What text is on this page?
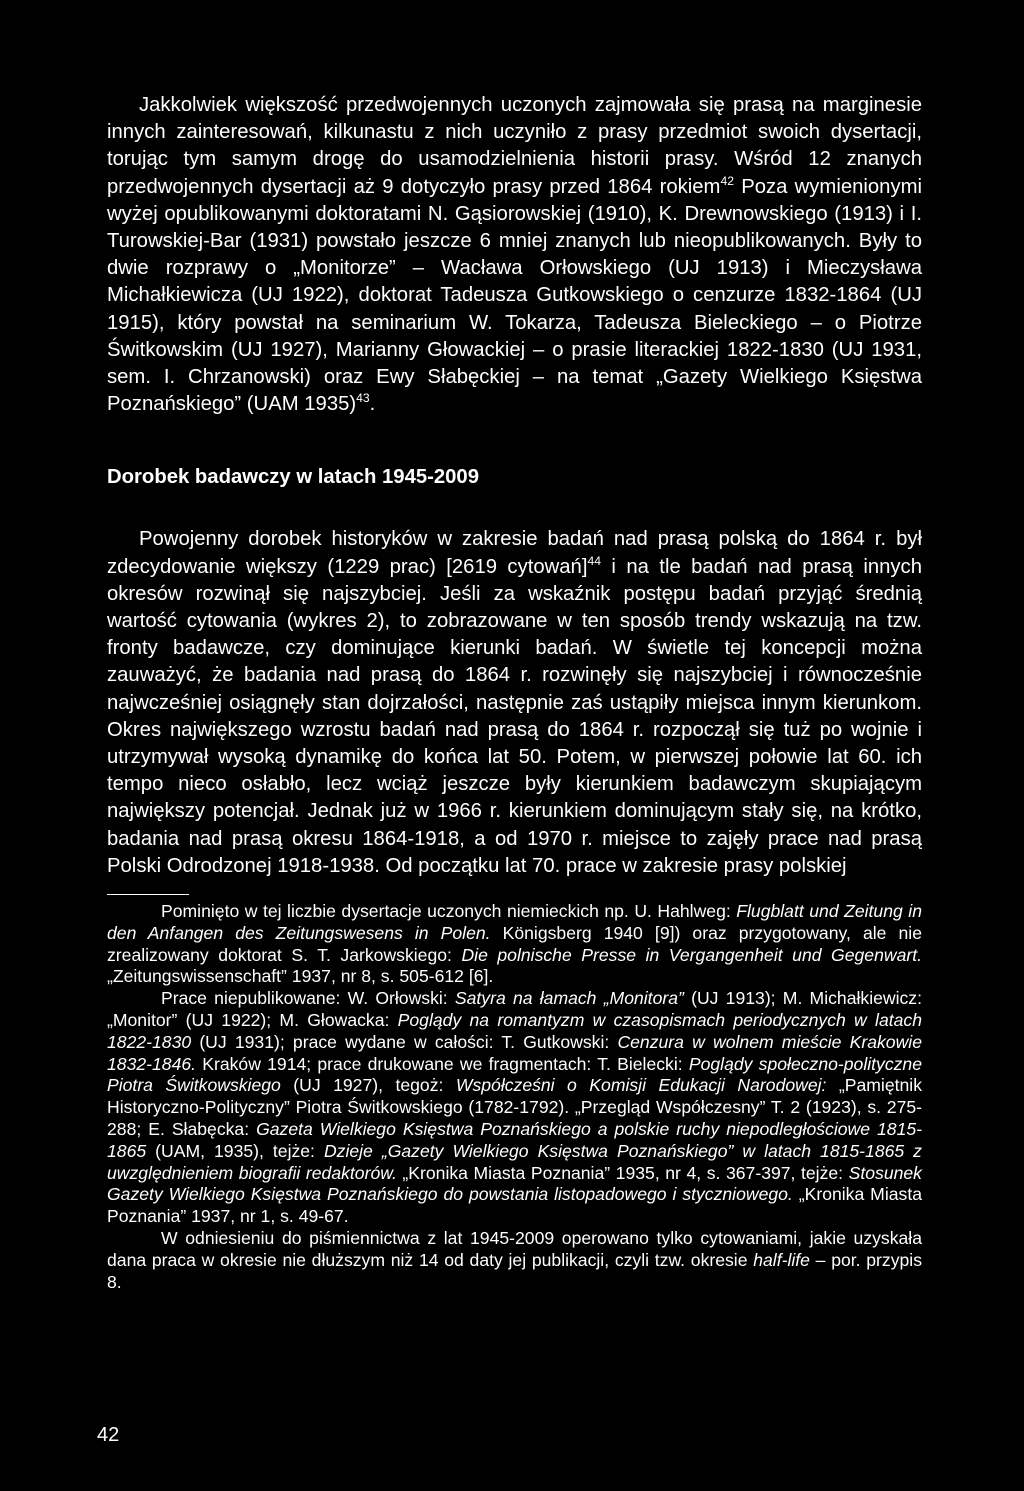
Jakkolwiek większość przedwojennych uczonych zajmowała się prasą na marginesie innych zainteresowań, kilkunastu z nich uczyniło z prasy przedmiot swoich dysertacji, torując tym samym drogę do usamodzielnienia historii prasy. Wśród 12 znanych przedwojennych dysertacji aż 9 dotyczyło prasy przed 1864 rokiem$^{42}$ Poza wymienionymi wyżej opublikowanymi doktoratami N. Gąsiorowskiej (1910), K. Drewnowskiego (1913) i I. Turowskiej-Bar (1931) powstało jeszcze 6 mniej znanych lub nieopublikowanych. Były to dwie rozprawy o „Monitorze” – Wacława Orłowskiego (UJ 1913) i Mieczysława Michałkiewicza (UJ 1922), doktorat Tadeusza Gutkowskiego o cenzurze 1832-1864 (UJ 1915), który powstał na seminarium W. Tokarza, Tadeusza Bieleckiego – o Piotrze Świtkowskim (UJ 1927), Marianny Głowackiej – o prasie literackiej 1822-1830 (UJ 1931, sem. I. Chrzanowski) oraz Ewy Słabęckiej – na temat „Gazety Wielkiego Księstwa Poznańskiego” (UAM 1935)$^{43}$.

Dorobek badawczy w latach 1945-2009

Powojenny dorobek historyków w zakresie badań nad prasą polską do 1864 r. był zdecydowanie większy (1229 prac) [2619 cytowań]$^{44}$ i na tle badań nad prasą innych okresów rozwinął się najszybciej. Jeśli za wskaźnik postępu badań przyjąć średnią wartość cytowania (wykres 2), to zobrazowane w ten sposób trendy wskazują na tzw. fronty badawcze, czy dominujące kierunki badań. W świetle tej koncepcji można zauważyć, że badania nad prasą do 1864 r. rozwinęły się najszybciej i równocześnie najwcześniej osiągnęły stan dojrzałości, następnie zaś ustąpiły miejsca innym kierunkom. Okres największego wzrostu badań nad prasą do 1864 r. rozpoczął się tuż po wojnie i utrzymywał wysoką dynamikę do końca lat 50. Potem, w pierwszej połowie lat 60. ich tempo nieco osłabło, lecz wciąż jeszcze były kierunkiem badawczym skupiającym największy potencjał. Jednak już w 1966 r. kierunkiem dominującym stały się, na krótko, badania nad prasą okresu 1864-1918, a od 1970 r. miejsce to zajęły prace nad prasą Polski Odrodzonej 1918-1938. Od początku lat 70. prace w zakresie prasy polskiej

Pominięto w tej liczbie dysertacje uczonych niemieckich np. U. Hahlweg: Flugblatt und Zeitung in den Anfangen des Zeitungswesens in Polen. Königsberg 1940 [9]) oraz przygotowany, ale nie zrealizowany doktorat S. T. Jarkowskiego: Die polnische Presse in Vergangenheit und Gegenwart. „Zeitungswissenschaft” 1937, nr 8, s. 505-612 [6].

Prace niepublikowane: W. Orłowski: Satyra na łamach „Monitora” (UJ 1913); M. Michałkiewicz: „Monitor” (UJ 1922); M. Głowacka: Poglądy na romantyzm w czasopismach periodycznych w latach 1822-1830 (UJ 1931); prace wydane w całości: T. Gutkowski: Cenzura w wolnem mieście Krakowie 1832-1846. Kraków 1914; prace drukowane we fragmentach: T. Bielecki: Poglądy społeczno-polityczne Piotra Świtkowskiego (UJ 1927), tegoż: Współcześni o Komisji Edukacji Narodowej: „Pamiętnik Historyczno-Polityczny” Piotra Świtkowskiego (1782-1792). „Przegląd Współczesny” T. 2 (1923), s. 275-288; E. Słabęcka: Gazeta Wielkiego Księstwa Poznańskiego a polskie ruchy niepodległościowe 1815-1865 (UAM, 1935), tejże: Dzieje „Gazety Wielkiego Księstwa Poznańskiego” w latach 1815-1865 z uwzględnieniem biografii redaktorów. „Kronika Miasta Poznania” 1935, nr 4, s. 367-397, tejże: Stosunek Gazety Wielkiego Księstwa Poznańskiego do powstania listopadowego i styczniowego. „Kronika Miasta Poznania” 1937, nr 1, s. 49-67.

W odniesieniu do piśmiennictwa z lat 1945-2009 operowano tylko cytowaniami, jakie uzyskała dana praca w okresie nie dłuższym niż 14 od daty jej publikacji, czyli tzw. okresie half-life – por. przypis 8.

42
